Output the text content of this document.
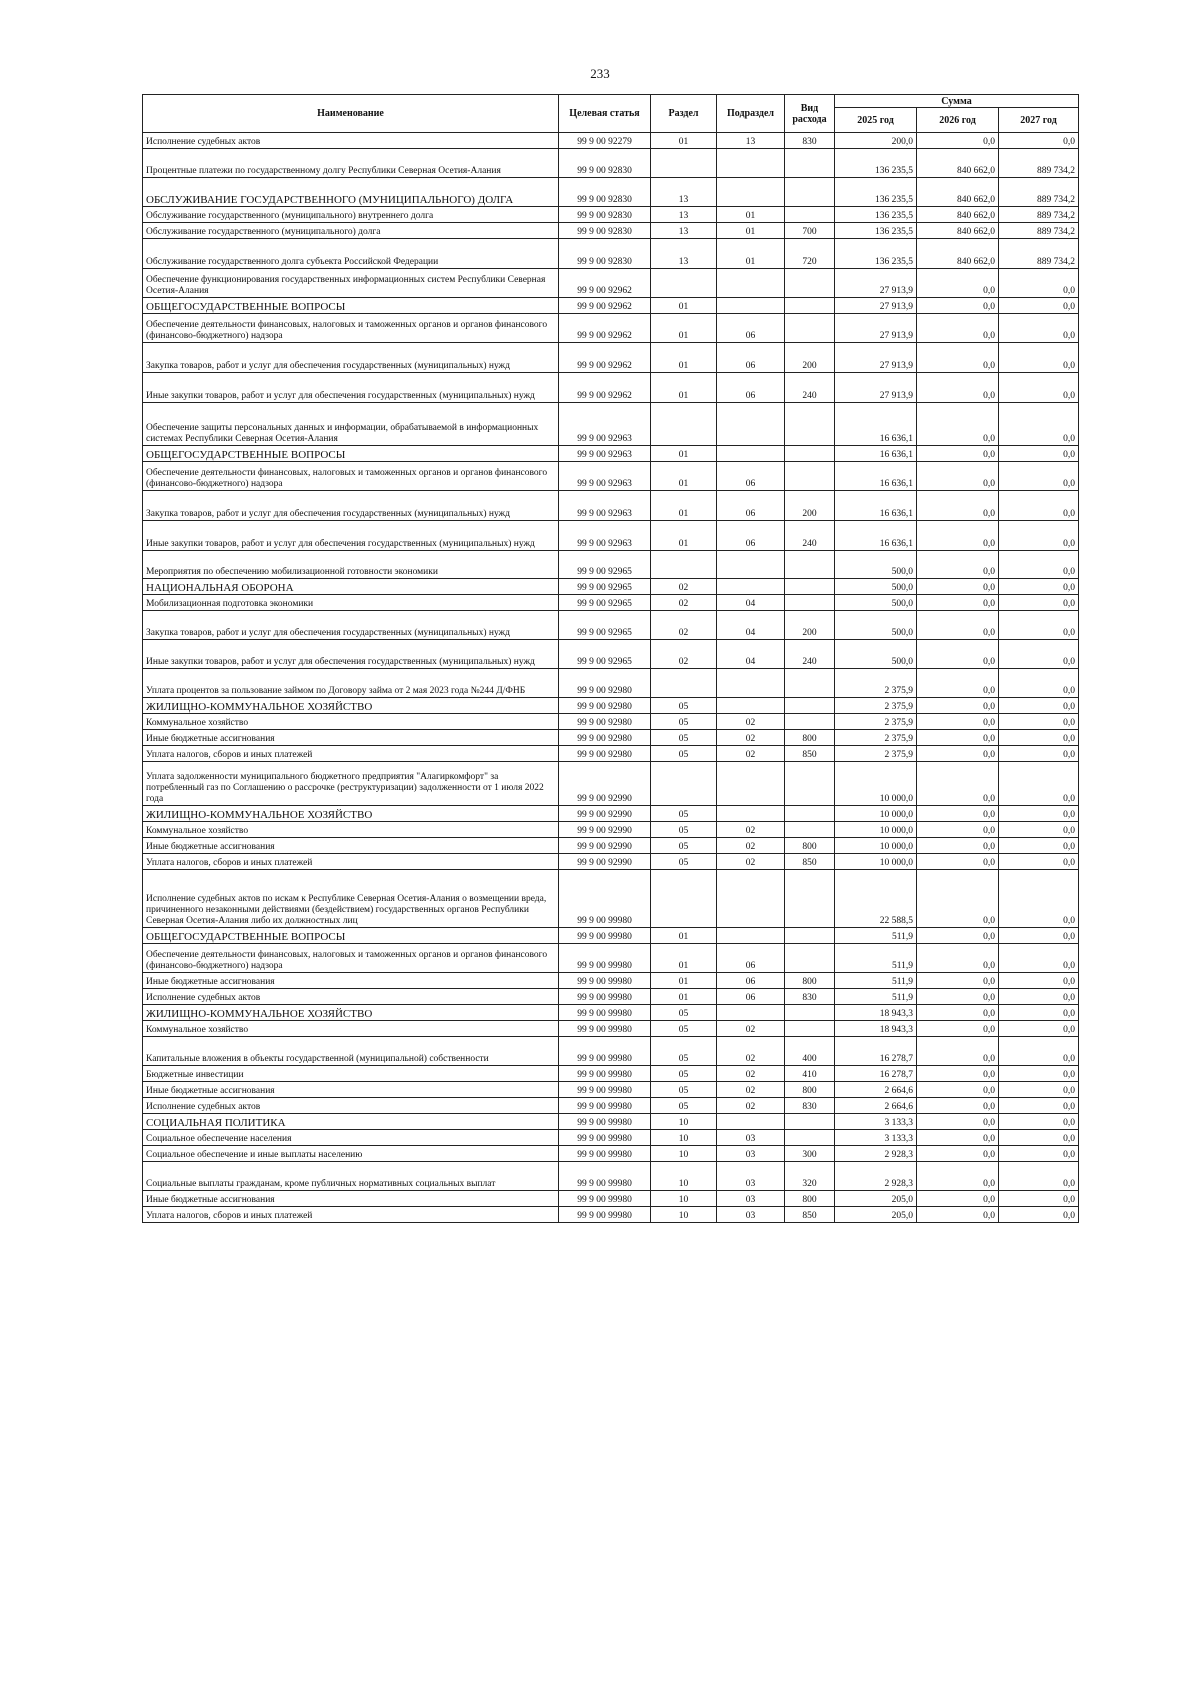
233
Наименование	Целевая статья	Раздел	Подраздел	Вид расхода	Сумма		
					2025 год	2026 год	2027 год
Исполнение судебных актов	99 9 00 92279	01	13	830	200,0	0,0	0,0
Процентные платежи по государственному долгу Республики Северная Осетия-Алания	99 9 00 92830				136 235,5	840 662,0	889 734,2
ОБСЛУЖИВАНИЕ ГОСУДАРСТВЕННОГО (МУНИЦИПАЛЬНОГО) ДОЛГА	99 9 00 92830	13			136 235,5	840 662,0	889 734,2
Обслуживание государственного (муниципального) внутреннего долга	99 9 00 92830	13	01		136 235,5	840 662,0	889 734,2
Обслуживание государственного (муниципального) долга	99 9 00 92830	13	01	700	136 235,5	840 662,0	889 734,2
Обслуживание государственного долга субъекта Российской Федерации	99 9 00 92830	13	01	720	136 235,5	840 662,0	889 734,2
Обеспечение функционирования государственных информационных систем Республики Северная Осетия-Алания	99 9 00 92962				27 913,9	0,0	0,0
ОБЩЕГОСУДАРСТВЕННЫЕ ВОПРОСЫ	99 9 00 92962	01			27 913,9	0,0	0,0
Обеспечение деятельности финансовых, налоговых и таможенных органов и органов финансового (финансово-бюджетного) надзора	99 9 00 92962	01	06		27 913,9	0,0	0,0
Закупка товаров, работ и услуг для обеспечения государственных (муниципальных) нужд	99 9 00 92962	01	06	200	27 913,9	0,0	0,0
Иные закупки товаров, работ и услуг для обеспечения государственных (муниципальных) нужд	99 9 00 92962	01	06	240	27 913,9	0,0	0,0
Обеспечение защиты персональных данных и информации, обрабатываемой в информационных системах Республики Северная Осетия-Алания	99 9 00 92963				16 636,1	0,0	0,0
ОБЩЕГОСУДАРСТВЕННЫЕ ВОПРОСЫ	99 9 00 92963	01			16 636,1	0,0	0,0
Обеспечение деятельности финансовых, налоговых и таможенных органов и органов финансового (финансово-бюджетного) надзора	99 9 00 92963	01	06		16 636,1	0,0	0,0
Закупка товаров, работ и услуг для обеспечения государственных (муниципальных) нужд	99 9 00 92963	01	06	200	16 636,1	0,0	0,0
Иные закупки товаров, работ и услуг для обеспечения государственных (муниципальных) нужд	99 9 00 92963	01	06	240	16 636,1	0,0	0,0
Мероприятия по обеспечению мобилизационной готовности экономики	99 9 00 92965				500,0	0,0	0,0
НАЦИОНАЛЬНАЯ ОБОРОНА	99 9 00 92965	02			500,0	0,0	0,0
Мобилизационная подготовка экономики	99 9 00 92965	02	04		500,0	0,0	0,0
Закупка товаров, работ и услуг для обеспечения государственных (муниципальных) нужд	99 9 00 92965	02	04	200	500,0	0,0	0,0
Иные закупки товаров, работ и услуг для обеспечения государственных (муниципальных) нужд	99 9 00 92965	02	04	240	500,0	0,0	0,0
Уплата процентов за пользование займом по Договору займа от 2 мая 2023 года №244 Д/ФНБ	99 9 00 92980				2 375,9	0,0	0,0
ЖИЛИЩНО-КОММУНАЛЬНОЕ ХОЗЯЙСТВО	99 9 00 92980	05			2 375,9	0,0	0,0
Коммунальное хозяйство	99 9 00 92980	05	02		2 375,9	0,0	0,0
Иные бюджетные ассигнования	99 9 00 92980	05	02	800	2 375,9	0,0	0,0
Уплата налогов, сборов и иных платежей	99 9 00 92980	05	02	850	2 375,9	0,0	0,0
Уплата задолженности муниципального бюджетного предприятия "Алагиркомфорт" за потребленный газ по Соглашению о рассрочке (реструктуризации) задолженности от 1 июля 2022 года	99 9 00 92990				10 000,0	0,0	0,0
ЖИЛИЩНО-КОММУНАЛЬНОЕ ХОЗЯЙСТВО	99 9 00 92990	05			10 000,0	0,0	0,0
Коммунальное хозяйство	99 9 00 92990	05	02		10 000,0	0,0	0,0
Иные бюджетные ассигнования	99 9 00 92990	05	02	800	10 000,0	0,0	0,0
Уплата налогов, сборов и иных платежей	99 9 00 92990	05	02	850	10 000,0	0,0	0,0
Исполнение судебных актов по искам к Республике Северная Осетия-Алания о возмещении вреда, причиненного незаконными действиями (бездействием) государственных органов Республики Северная Осетия-Алания либо их должностных лиц	99 9 00 99980				22 588,5	0,0	0,0
ОБЩЕГОСУДАРСТВЕННЫЕ ВОПРОСЫ	99 9 00 99980	01			511,9	0,0	0,0
Обеспечение деятельности финансовых, налоговых и таможенных органов и органов финансового (финансово-бюджетного) надзора	99 9 00 99980	01	06		511,9	0,0	0,0
Иные бюджетные ассигнования	99 9 00 99980	01	06	800	511,9	0,0	0,0
Исполнение судебных актов	99 9 00 99980	01	06	830	511,9	0,0	0,0
ЖИЛИЩНО-КОММУНАЛЬНОЕ ХОЗЯЙСТВО	99 9 00 99980	05			18 943,3	0,0	0,0
Коммунальное хозяйство	99 9 00 99980	05	02		18 943,3	0,0	0,0
Капитальные вложения в объекты государственной (муниципальной) собственности	99 9 00 99980	05	02	400	16 278,7	0,0	0,0
Бюджетные инвестиции	99 9 00 99980	05	02	410	16 278,7	0,0	0,0
Иные бюджетные ассигнования	99 9 00 99980	05	02	800	2 664,6	0,0	0,0
Исполнение судебных актов	99 9 00 99980	05	02	830	2 664,6	0,0	0,0
СОЦИАЛЬНАЯ ПОЛИТИКА	99 9 00 99980	10			3 133,3	0,0	0,0
Социальное обеспечение населения	99 9 00 99980	10	03		3 133,3	0,0	0,0
Социальное обеспечение и иные выплаты населению	99 9 00 99980	10	03	300	2 928,3	0,0	0,0
Социальные выплаты гражданам, кроме публичных нормативных социальных выплат	99 9 00 99980	10	03	320	2 928,3	0,0	0,0
Иные бюджетные ассигнования	99 9 00 99980	10	03	800	205,0	0,0	0,0
Уплата налогов, сборов и иных платежей	99 9 00 99980	10	03	850	205,0	0,0	0,0
